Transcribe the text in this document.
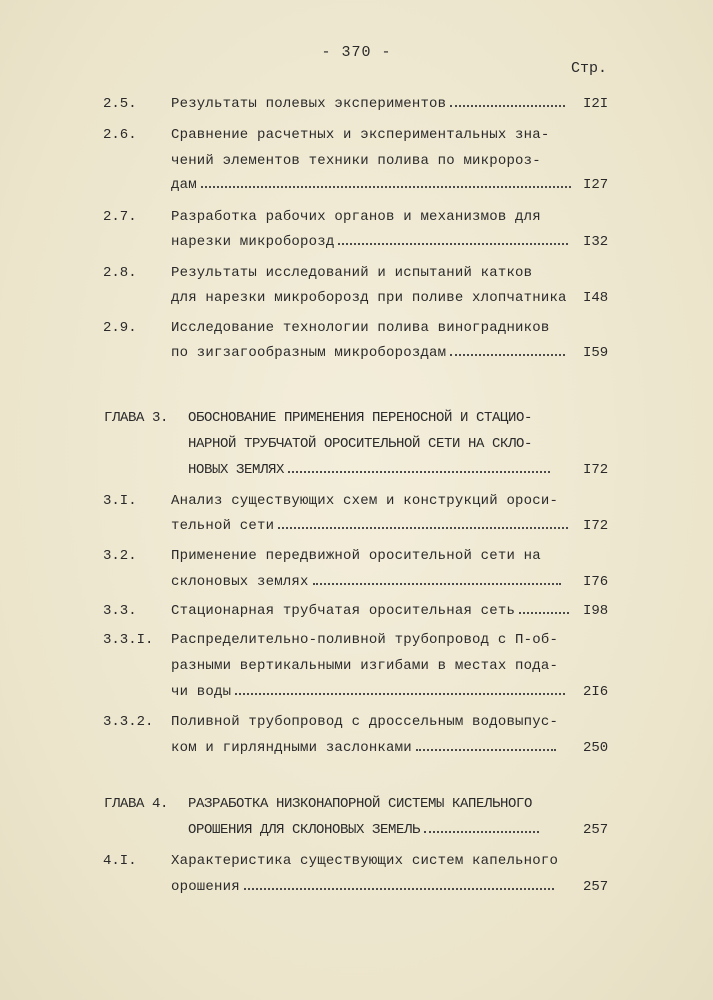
- 370 -
Стр.
2.5. Результаты полевых экспериментов	I2I
2.6. Сравнение расчетных и экспериментальных зна-
чений элементов техники полива по микророз-
дам	I27
2.7. Разработка рабочих органов и механизмов для
нарезки микроборозд	I32
2.8. Результаты исследований и испытаний катков
для нарезки микроборозд при поливе хлопчатника I48
2.9. Исследование технологии полива виноградников
по зигзагообразным микробороздам	I59
ГЛАВА 3. ОБОСНОВАНИЕ ПРИМЕНЕНИЯ ПЕРЕНОСНОЙ И СТАЦИО-
НАРНОЙ ТРУБЧАТОЙ ОРОСИТЕЛЬНОЙ СЕТИ НА СКЛО-
НОВЫХ ЗЕМЛЯХ	I72
3.I. Анализ существующих схем и конструкций ороси-
тельной сети	I72
3.2. Применение передвижной оросительной сети на
склоновых землях	I76
3.3. Стационарная трубчатая оросительная сеть	I98
3.3.I. Распределительно-поливной трубопровод с П-об-
разными вертикальными изгибами в местах пода-
чи воды	2I6
3.3.2. Поливной трубопровод с дроссельным водовыпус-
ком и гирляндными заслонками	250
ГЛАВА 4. РАЗРАБОТКА НИЗКОНАПОРНОЙ СИСТЕМЫ КАПЕЛЬНОГО
ОРОШЕНИЯ ДЛЯ СКЛОНОВЫХ ЗЕМЕЛЬ	257
4.I. Характеристика существующих систем капельного
орошения	257
